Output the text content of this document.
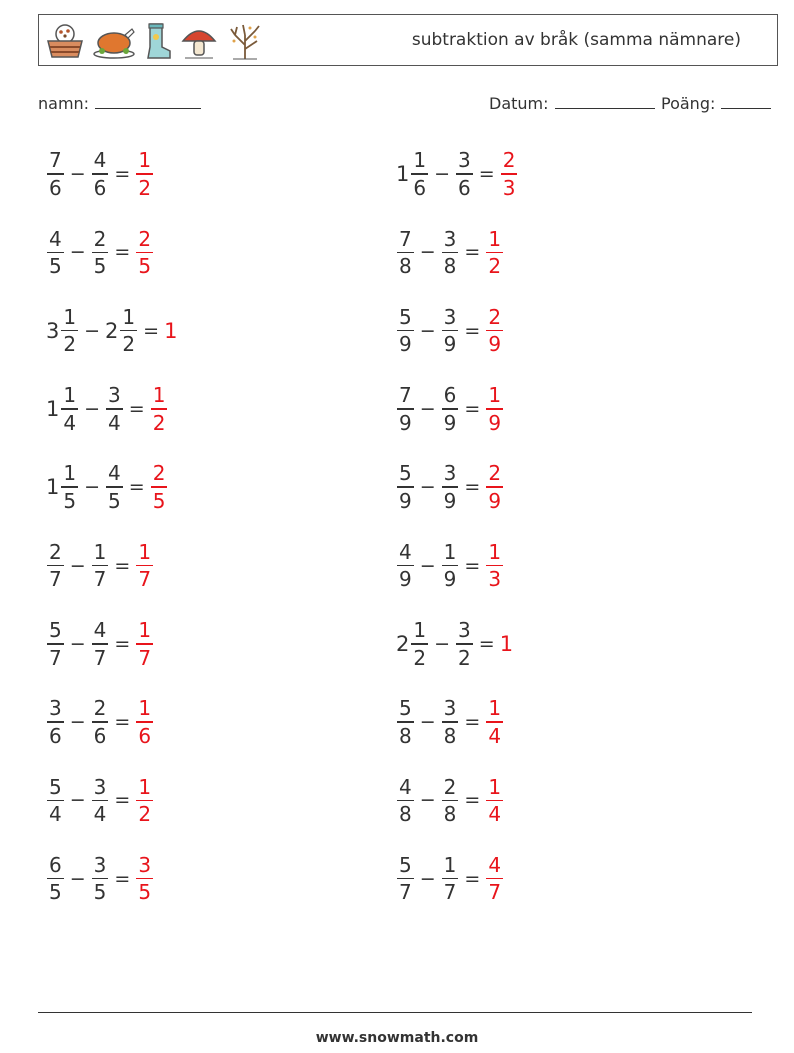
subtraktion av bråk (samma nämnare)
namn:	Datum:	Poäng:
$\frac{7}{6} - \frac{4}{6} = \frac{1}{2}$
$\frac{4}{5} - \frac{2}{5} = \frac{2}{5}$
$3 \frac{1}{2} - 2 \frac{1}{2} = 1$
$1 \frac{1}{4} - \frac{3}{4} = \frac{1}{2}$
$1 \frac{1}{5} - \frac{4}{5} = \frac{2}{5}$
$\frac{2}{7} - \frac{1}{7} = \frac{1}{7}$
$\frac{5}{7} - \frac{4}{7} = \frac{1}{7}$
$\frac{3}{6} - \frac{2}{6} = \frac{1}{6}$
$\frac{5}{4} - \frac{3}{4} = \frac{1}{2}$
$\frac{6}{5} - \frac{3}{5} = \frac{3}{5}$
$1 \frac{1}{6} - \frac{3}{6} = \frac{2}{3}$
$\frac{7}{8} - \frac{3}{8} = \frac{1}{2}$
$\frac{5}{9} - \frac{3}{9} = \frac{2}{9}$
$\frac{7}{9} - \frac{6}{9} = \frac{1}{9}$
$\frac{5}{9} - \frac{3}{9} = \frac{2}{9}$
$\frac{4}{9} - \frac{1}{9} = \frac{1}{3}$
$2 \frac{1}{2} - \frac{3}{2} = 1$
$\frac{5}{8} - \frac{3}{8} = \frac{1}{4}$
$\frac{4}{8} - \frac{2}{8} = \frac{1}{4}$
$\frac{5}{7} - \frac{1}{7} = \frac{4}{7}$
www.snowmath.com
